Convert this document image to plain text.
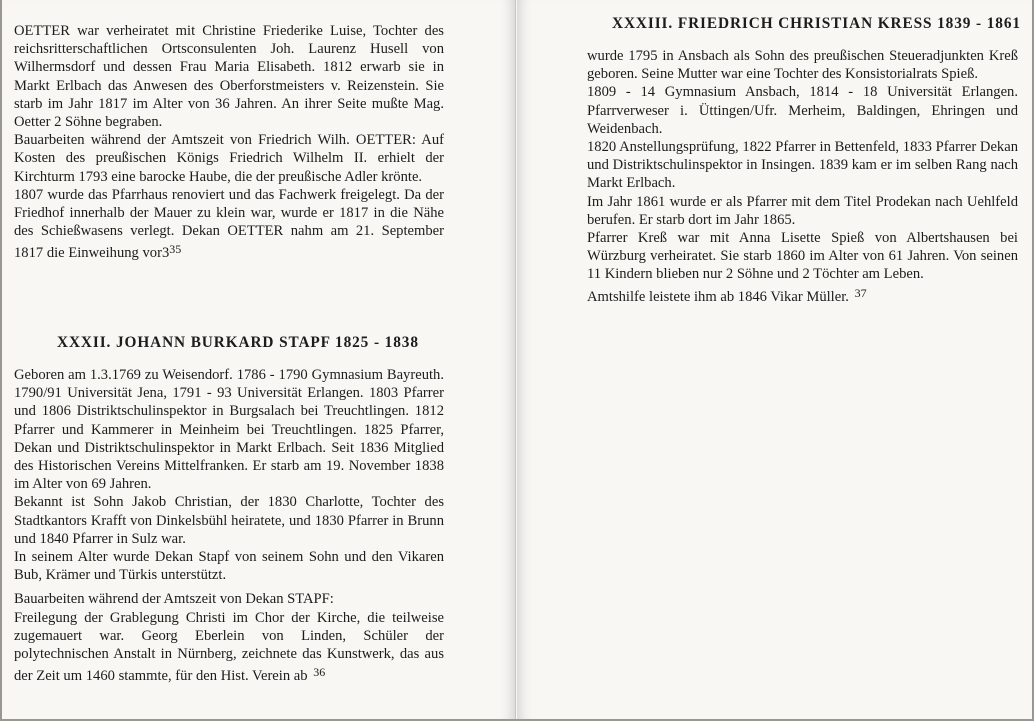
OETTER war verheiratet mit Christine Friederike Luise, Tochter des reichsritterschaftlichen Ortsconsulenten Joh. Laurenz Husell von Wilhermsdorf und dessen Frau Maria Elisabeth. 1812 erwarb sie in Markt Erlbach das Anwesen des Oberforstmeisters v. Reizenstein. Sie starb im Jahr 1817 im Alter von 36 Jahren. An ihrer Seite mußte Mag. Oetter 2 Söhne begraben.

Bauarbeiten während der Amtszeit von Friedrich Wilh. OETTER: Auf Kosten des preußischen Königs Friedrich Wilhelm II. erhielt der Kirchturm 1793 eine barocke Haube, die der preußische Adler krönte.

1807 wurde das Pfarrhaus renoviert und das Fachwerk freigelegt. Da der Friedhof innerhalb der Mauer zu klein war, wurde er 1817 in die Nähe des Schießwasens verlegt. Dekan OETTER nahm am 21. September 1817 die Einweihung $vor3^{35}$

XXXII. JOHANN BURKARD STAPF 1825 - 1838

Geboren am 1.3.1769 zu Weisendorf. 1786 - 1790 Gymnasium Bayreuth. 1790/91 Universität Jena, 1791 - 93 Universität Erlangen. 1803 Pfarrer und 1806 Distriktschulinspektor in Burgsalach bei Treuchtlingen. 1812 Pfarrer und Kammerer in Meinheim bei Treuchtlingen. 1825 Pfarrer, Dekan und Distriktschulinspektor in Markt Erlbach. Seit 1836 Mitglied des Historischen Vereins Mittelfranken. Er starb am 19. November 1838 im Alter von 69 Jahren.

Bekannt ist Sohn Jakob Christian, der 1830 Charlotte, Tochter des Stadtkantors Krafft von Dinkelsbühl heiratete, und 1830 Pfarrer in Brunn und 1840 Pfarrer in Sulz war.

In seinem Alter wurde Dekan Stapf von seinem Sohn und den Vikaren Bub, Krämer und Türkis unterstützt.

Bauarbeiten während der Amtszeit von Dekan STAPF:

Freilegung der Grablegung Christi im Chor der Kirche, die teilweise zugemauert war. Georg Eberlein von Linden, Schüler der polytechnischen Anstalt in Nürnberg, zeichnete das Kunstwerk, das aus der Zeit um 1460 stammte, für den Hist. Verein ab $^{36}$

XXXIII. FRIEDRICH CHRISTIAN KRESS 1839 - 1861

wurde 1795 in Ansbach als Sohn des preußischen Steueradjunkten Kreß geboren. Seine Mutter war eine Tochter des Konsistorialrats Spieß.

1809 - 14 Gymnasium Ansbach, 1814 - 18 Universität Erlangen. Pfarrverweser i. Üttingen/Ufr. Merheim, Baldingen, Ehringen und Weidenbach.

1820 Anstellungsprüfung, 1822 Pfarrer in Bettenfeld, 1833 Pfarrer Dekan und Distriktschulinspektor in Insingen. 1839 kam er im selben Rang nach Markt Erlbach.

Im Jahr 1861 wurde er als Pfarrer mit dem Titel Prodekan nach Uehlfeld berufen. Er starb dort im Jahr 1865.

Pfarrer Kreß war mit Anna Lisette Spieß von Albertshausen bei Würzburg verheiratet. Sie starb 1860 im Alter von 61 Jahren. Von seinen 11 Kindern blieben nur 2 Söhne und 2 Töchter am Leben.

Amtshilfe leistete ihm ab 1846 Vikar Müller. $^{37}$
